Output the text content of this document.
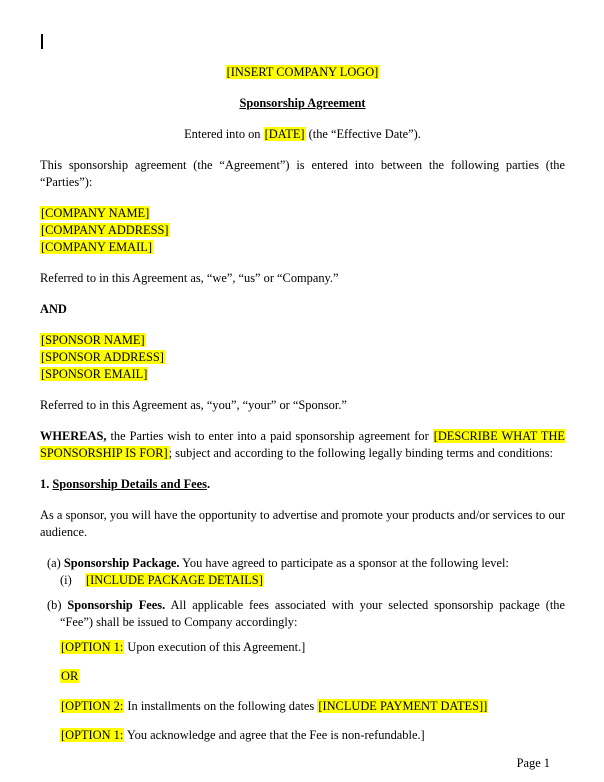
[INSERT COMPANY LOGO]

Sponsorship Agreement

Entered into on [DATE] (the “Effective Date”).

This sponsorship agreement (the “Agreement”) is entered into between the following parties (the “Parties”):

[COMPANY NAME]
[COMPANY ADDRESS]
[COMPANY EMAIL]

Referred to in this Agreement as, “we”, “us” or “Company.”

AND

[SPONSOR NAME]
[SPONSOR ADDRESS]
[SPONSOR EMAIL]

Referred to in this Agreement as, “you”, “your” or “Sponsor.”

WHEREAS, the Parties wish to enter into a paid sponsorship agreement for [DESCRIBE WHAT THE SPONSORSHIP IS FOR]; subject and according to the following legally binding terms and conditions:

1. Sponsorship Details and Fees.

As a sponsor, you will have the opportunity to advertise and promote your products and/or services to our audience.

(a) Sponsorship Package. You have agreed to participate as a sponsor at the following level:
(i) [INCLUDE PACKAGE DETAILS]
(b) Sponsorship Fees. All applicable fees associated with your selected sponsorship package (the “Fee”) shall be issued to Company accordingly:

[OPTION 1: Upon execution of this Agreement.]

OR

[OPTION 2: In installments on the following dates [INCLUDE PAYMENT DATES]]

[OPTION 1: You acknowledge and agree that the Fee is non-refundable.]

Page 1
